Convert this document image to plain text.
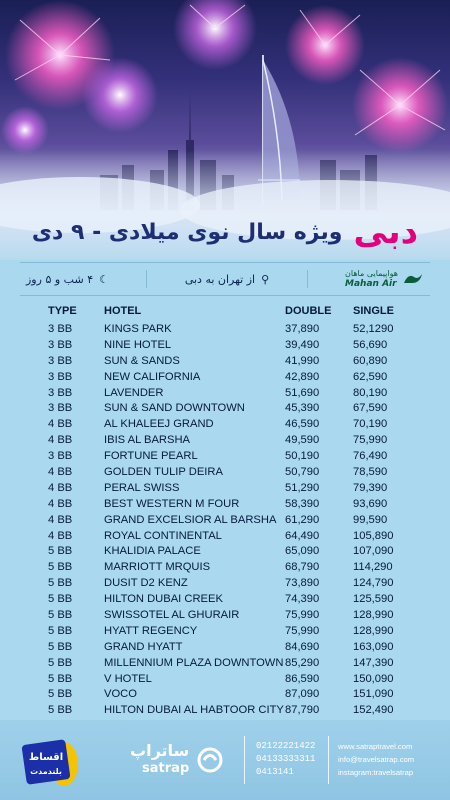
ویژه سال نوی میلادی - ۹ دی دبی
☾
۴ شب و ۵ روز	⚲
از تهران به دبی	هواپیمایی ماهان
Mahan Air
TYPE	HOTEL	DOUBLE	SINGLE
3 BB	KINGS PARK	37,890	52,1290
3 BB	NINE HOTEL	39,490	56,690
3 BB	SUN & SANDS	41,990	60,890
3 BB	NEW CALIFORNIA	42,890	62,590
3 BB	LAVENDER	51,690	80,190
3 BB	SUN & SAND DOWNTOWN	45,390	67,590
4 BB	AL KHALEEJ GRAND	46,590	70,190
4 BB	IBIS AL BARSHA	49,590	75,990
3 BB	FORTUNE PEARL	50,190	76,490
4 BB	GOLDEN TULIP DEIRA	50,790	78,590
4 BB	PERAL SWISS	51,290	79,390
4 BB	BEST WESTERN M FOUR	58,390	93,690
4 BB	GRAND EXCELSIOR AL BARSHA 61,290	99,590
4 BB	ROYAL CONTINENTAL	64,490	105,890
5 BB	KHALIDIA PALACE	65,090	107,090
5 BB	MARRIOTT MRQUIS	68,790	114,290
5 BB	DUSIT D2 KENZ	73,890	124,790
5 BB	HILTON DUBAI CREEK	74,390	125,590
5 BB	SWISSOTEL AL GHURAIR	75,990	128,990
5 BB	HYATT REGENCY	75,990	128,990
5 BB	GRAND HYATT	84,690	163,090
5 BB	MILLENNIUM PLAZA DOWNTOWN 85,290	147,390
5 BB	V HOTEL	86,590	150,090
5 BB	VOCO	87,090	151,090
5 BB	HILTON DUBAI AL HABTOOR CITY 87,790	152,490
اقساط
بلندمدت
ساتراپ
satrap
02122221422
04133333311
0413141
www.satraptravel.com
info@travelsatrap.com
instagram:travelsatrap
